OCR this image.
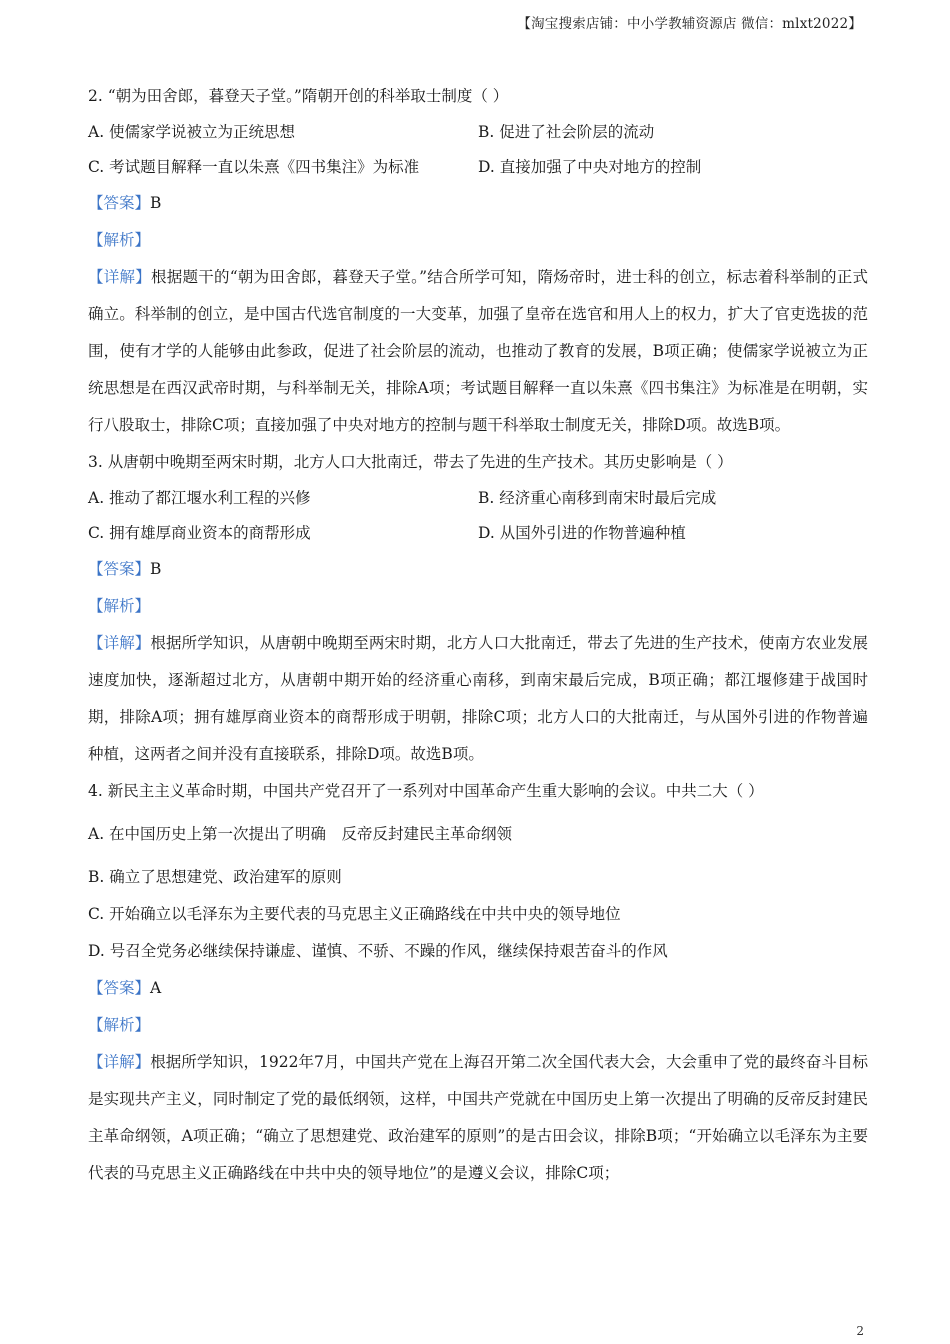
【淘宝搜索店铺：中小学教辅资源店 微信：mlxt2022】
2. “朝为田舍郎，暮登天子堂。”隋朝开创的科举取士制度（ ）
A. 使儒家学说被立为正统思想	B. 促进了社会阶层的流动
C. 考试题目解释一直以朱熹《四书集注》为标准	D. 直接加强了中央对地方的控制
【答案】B
【解析】
【详解】根据题干的“朝为田舍郎，暮登天子堂。”结合所学可知，隋炀帝时，进士科的创立，标志着科举制的正式确立。科举制的创立，是中国古代选官制度的一大变革，加强了皇帝在选官和用人上的权力，扩大了官吏选拔的范围，使有才学的人能够由此参政，促进了社会阶层的流动，也推动了教育的发展，B项正确；使儒家学说被立为正统思想是在西汉武帝时期，与科举制无关，排除A项；考试题目解释一直以朱熹《四书集注》为标准是在明朝，实行八股取士，排除C项；直接加强了中央对地方的控制与题干科举取士制度无关，排除D项。故选B项。
3. 从唐朝中晚期至两宋时期，北方人口大批南迁，带去了先进的生产技术。其历史影响是（ ）
A. 推动了都江堰水利工程的兴修	B. 经济重心南移到南宋时最后完成
C. 拥有雄厚商业资本的商帮形成	D. 从国外引进的作物普遍种植
【答案】B
【解析】
【详解】根据所学知识，从唐朝中晚期至两宋时期，北方人口大批南迁，带去了先进的生产技术，使南方农业发展速度加快，逐渐超过北方，从唐朝中期开始的经济重心南移，到南宋最后完成，B项正确；都江堰修建于战国时期，排除A项；拥有雄厚商业资本的商帮形成于明朝，排除C项；北方人口的大批南迁，与从国外引进的作物普遍种植，这两者之间并没有直接联系，排除D项。故选B项。
4. 新民主主义革命时期，中国共产党召开了一系列对中国革命产生重大影响的会议。中共二大（ ）
A. 在中国历史上第一次提出了明确　反帝反封建民主革命纲领
B. 确立了思想建党、政治建军的原则
C. 开始确立以毛泽东为主要代表的马克思主义正确路线在中共中央的领导地位
D. 号召全党务必继续保持谦虚、谨慎、不骄、不躁的作风，继续保持艰苦奋斗的作风
【答案】A
【解析】
【详解】根据所学知识，1922年7月，中国共产党在上海召开第二次全国代表大会，大会重申了党的最终奋斗目标是实现共产主义，同时制定了党的最低纲领，这样，中国共产党就在中国历史上第一次提出了明确的反帝反封建民主革命纲领，A项正确；“确立了思想建党、政治建军的原则”的是古田会议，排除B项；“开始确立以毛泽东为主要代表的马克思主义正确路线在中共中央的领导地位”的是遵义会议，排除C项；
2
